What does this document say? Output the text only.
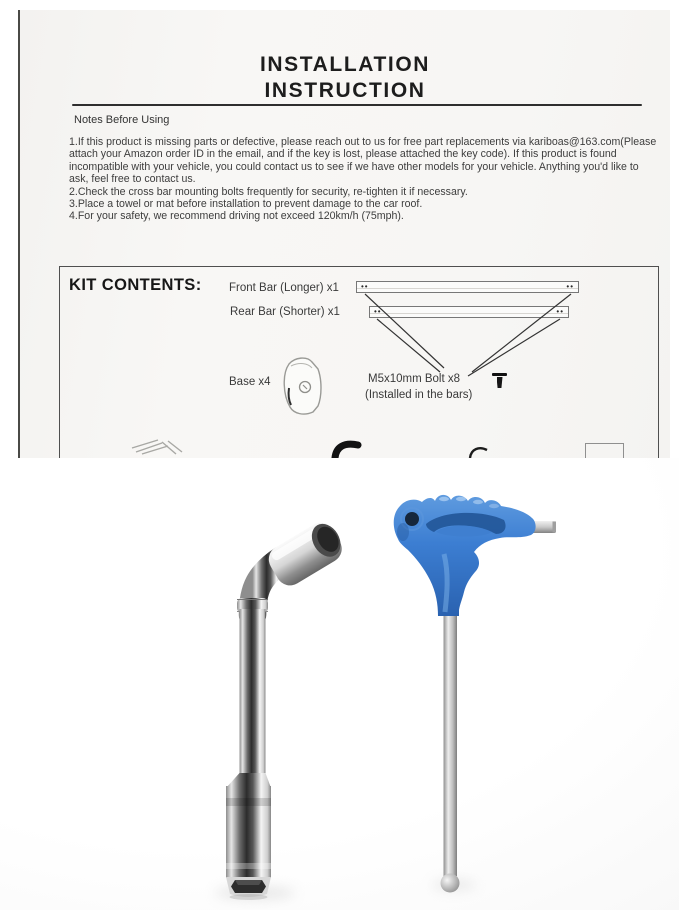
INSTALLATION
INSTRUCTION
Notes Before Using

1.If this product is missing parts or defective, please reach out to us for free part replacements via kariboas@163.com(Please attach your Amazon order ID in the email, and if the key is lost, please attached the key code). If this product is found incompatible with your vehicle, you could contact us to see if we have other models for your vehicle. Anything you'd like to ask, feel free to contact us.

2.Check the cross bar mounting bolts frequently for security, re-tighten it if necessary.

3.Place a towel or mat before installation to prevent damage to the car roof.

4.For your safety, we recommend driving not exceed 120km/h (75mph).

KIT CONTENTS: Front Bar (Longer) x1
Rear Bar (Shorter) x1
••	••
••	••
Base x4	M5x10mm Bolt x8
(Installed in the bars)
